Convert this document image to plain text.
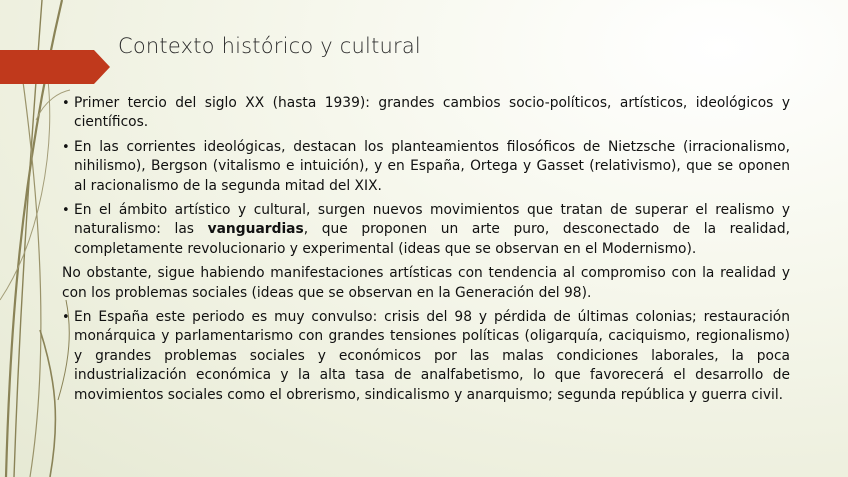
Contexto histórico y cultural
• Primer tercio del siglo XX (hasta 1939): grandes cambios socio-políticos, artísticos, ideológicos y científicos.
• En las corrientes ideológicas, destacan los planteamientos filosóficos de Nietzsche (irracionalismo, nihilismo), Bergson (vitalismo e intuición), y en España, Ortega y Gasset (relativismo), que se oponen al racionalismo de la segunda mitad del XIX.
• En el ámbito artístico y cultural, surgen nuevos movimientos que tratan de superar el realismo y naturalismo: las vanguardias, que proponen un arte puro, desconectado de la realidad, completamente revolucionario y experimental (ideas que se observan en el Modernismo).
No obstante, sigue habiendo manifestaciones artísticas con tendencia al compromiso con la realidad y con los problemas sociales (ideas que se observan en la Generación del 98).
• En España este periodo es muy convulso: crisis del 98 y pérdida de últimas colonias; restauración monárquica y parlamentarismo con grandes tensiones políticas (oligarquía, caciquismo, regionalismo) y grandes problemas sociales y económicos por las malas condiciones laborales, la poca industrialización económica y la alta tasa de analfabetismo, lo que favorecerá el desarrollo de movimientos sociales como el obrerismo, sindicalismo y anarquismo; segunda república y guerra civil.
